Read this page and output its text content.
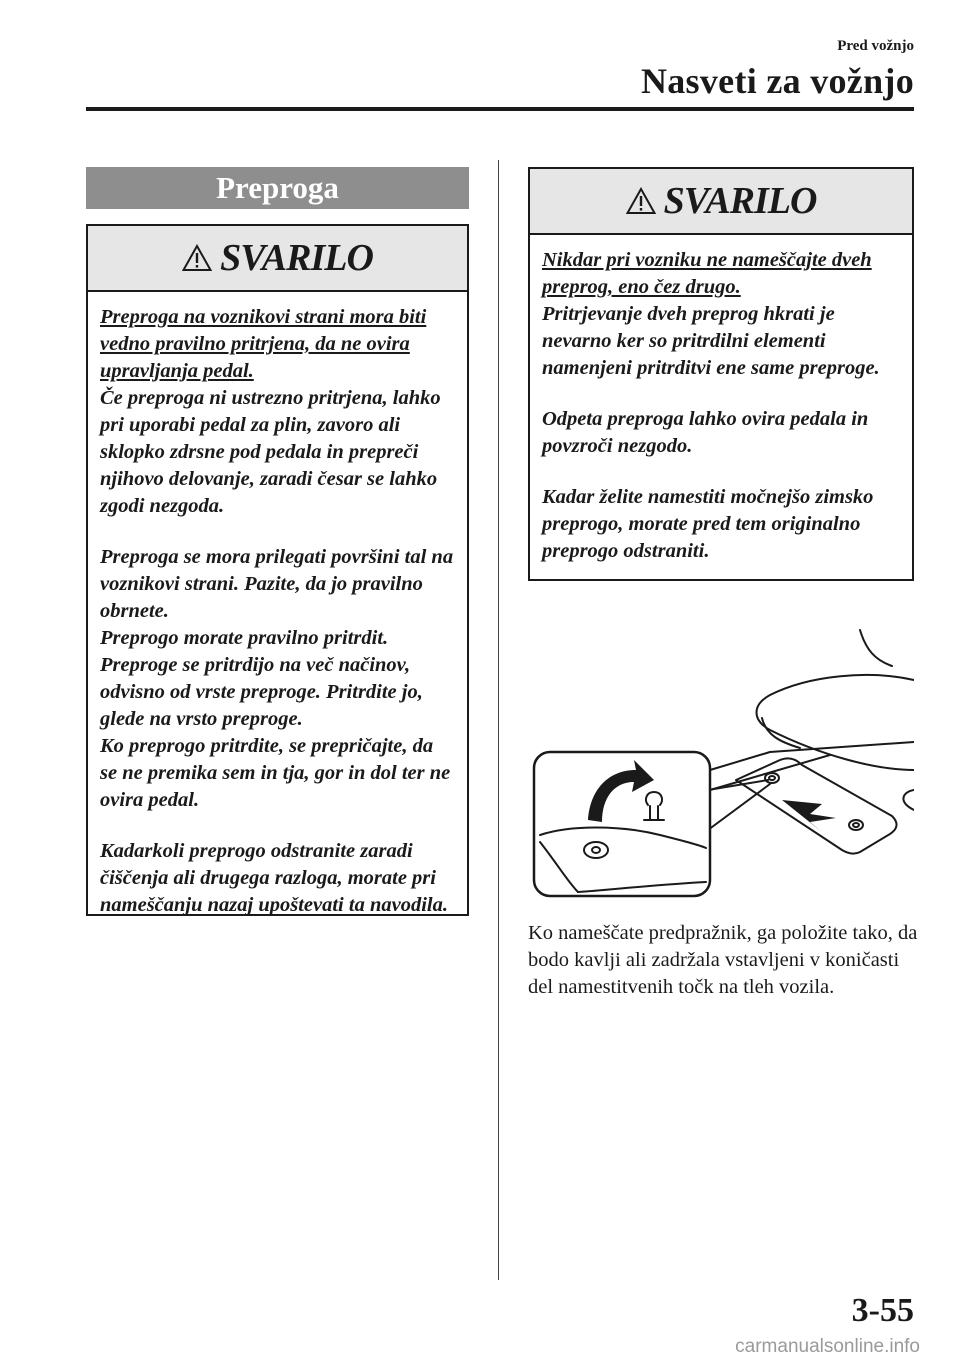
Pred vožnjo
Nasveti za vožnjo
Preproga
SVARILO

Preproga na voznikovi strani mora biti vedno pravilno pritrjena, da ne ovira upravljanja pedal.

Če preproga ni ustrezno pritrjena, lahko pri uporabi pedal za plin, zavoro ali sklopko zdrsne pod pedala in prepreči njihovo delovanje, zaradi česar se lahko zgodi nezgoda.

Preproga se mora prilegati površini tal na voznikovi strani. Pazite, da jo pravilno obrnete.

Preprogo morate pravilno pritrdit. Preproge se pritrdijo na več načinov, odvisno od vrste preproge. Pritrdite jo, glede na vrsto preproge.

Ko preprogo pritrdite, se prepričajte, da se ne premika sem in tja, gor in dol ter ne ovira pedal.

Kadarkoli preprogo odstranite zaradi čiščenja ali drugega razloga, morate pri nameščanju nazaj upoštevati ta navodila.

SVARILO

Nikdar pri vozniku ne nameščajte dveh preprog, eno čez drugo.

Pritrjevanje dveh preprog hkrati je nevarno ker so pritrdilni elementi namenjeni pritrditvi ene same preproge.

Odpeta preproga lahko ovira pedala in povzroči nezgodo.

Kadar želite namestiti močnejšo zimsko preprogo, morate pred tem originalno preprogo odstraniti.

Ko nameščate predpražnik, ga položite tako, da bodo kavlji ali zadržala vstavljeni v koničasti del namestitvenih točk na tleh vozila.
3-55
carmanualsonline.info
